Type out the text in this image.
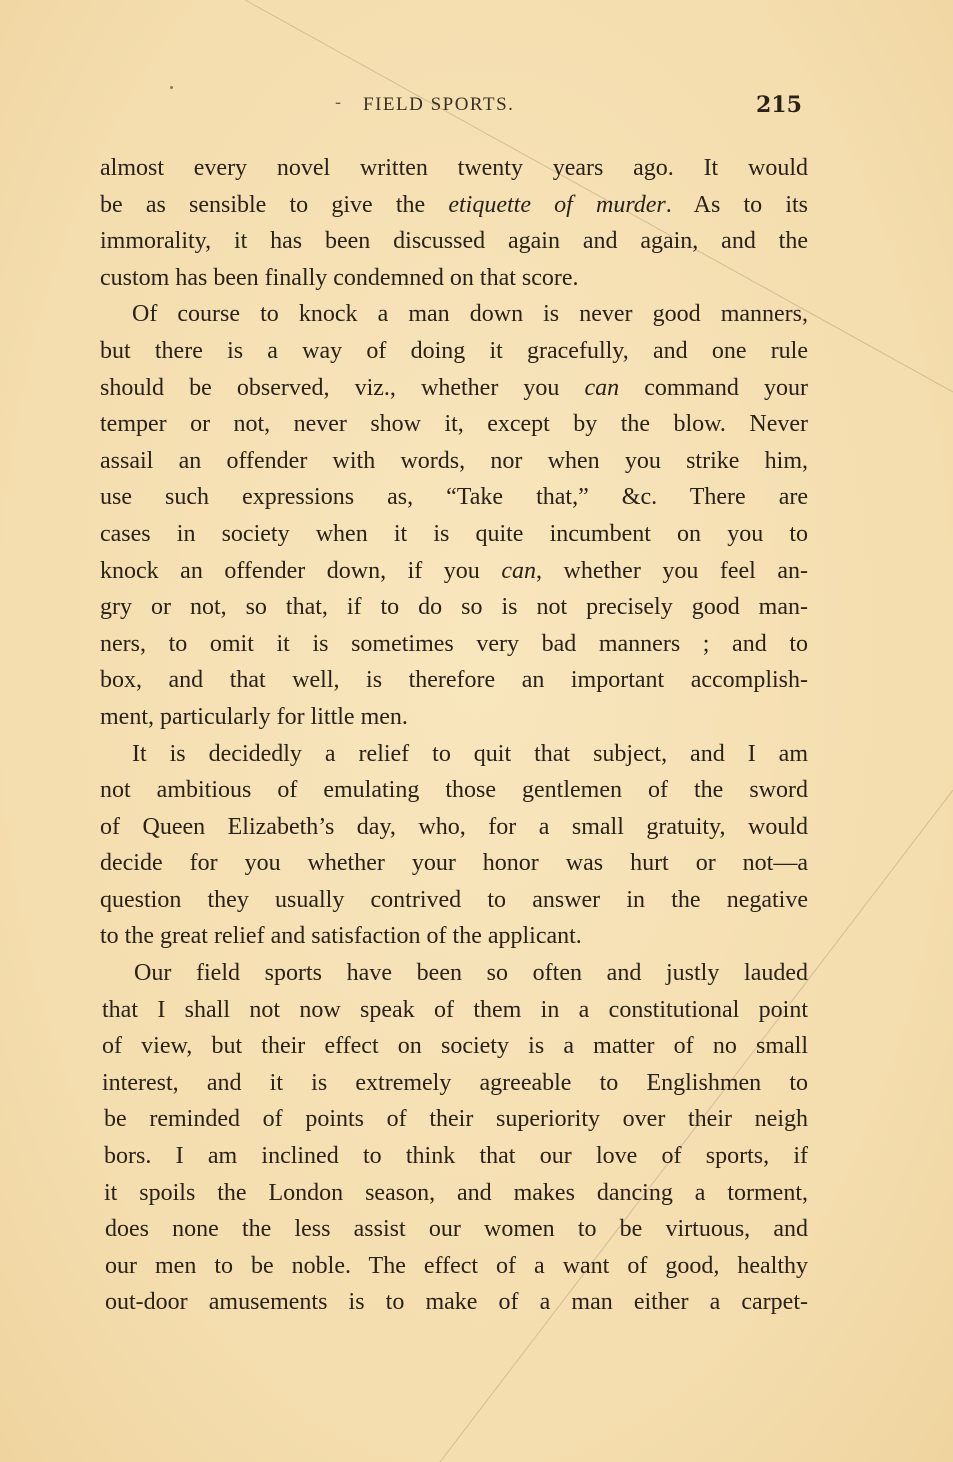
- FIELD SPORTS.	215
almost every novel written twenty years ago. It would
be as sensible to give the etiquette of murder. As to its
immorality, it has been discussed again and again, and the
custom has been finally condemned on that score.
Of course to knock a man down is never good manners,
but there is a way of doing it gracefully, and one rule
should be observed, viz., whether you can command your
temper or not, never show it, except by the blow. Never
assail an offender with words, nor when you strike him,
use such expressions as, “Take that,” &c. There are
cases in society when it is quite incumbent on you to
knock an offender down, if you can, whether you feel an-
gry or not, so that, if to do so is not precisely good man-
ners, to omit it is sometimes very bad manners ; and to
box, and that well, is therefore an important accomplish-
ment, particularly for little men.
It is decidedly a relief to quit that subject, and I am
not ambitious of emulating those gentlemen of the sword
of Queen Elizabeth’s day, who, for a small gratuity, would
decide for you whether your honor was hurt or not—a
question they usually contrived to answer in the negative
to the great relief and satisfaction of the applicant.
Our field sports have been so often and justly lauded
that I shall not now speak of them in a constitutional point
of view, but their effect on society is a matter of no small
interest, and it is extremely agreeable to Englishmen to
be reminded of points of their superiority over their neigh
bors. I am inclined to think that our love of sports, if
it spoils the London season, and makes dancing a torment,
does none the less assist our women to be virtuous, and
our men to be noble. The effect of a want of good, healthy
out-door amusements is to make of a man either a carpet-
